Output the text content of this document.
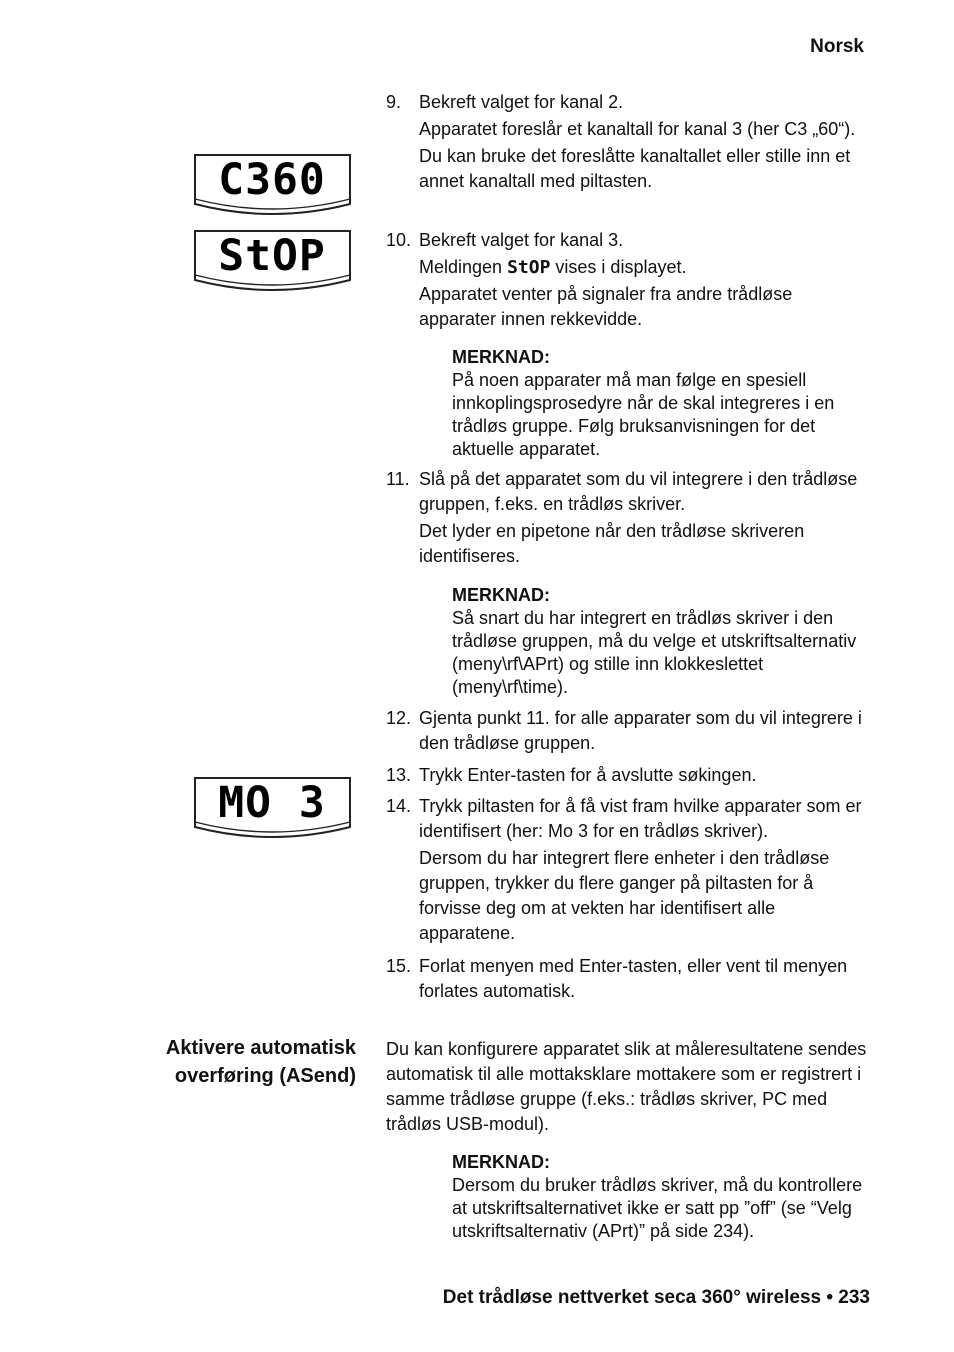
Norsk
C360
StOP
MO 3
9. Bekreft valget for kanal 2.

Apparatet foreslår et kanaltall for kanal 3 (her C3 „60“).

Du kan bruke det foreslåtte kanaltallet eller stille inn et annet kanaltall med piltasten.

10. Bekreft valget for kanal 3.

Meldingen StOP vises i displayet.

Apparatet venter på signaler fra andre trådløse apparater innen rekkevidde.

MERKNAD:
På noen apparater må man følge en spesiell innkoplingsprosedyre når de skal integreres i en trådløs gruppe. Følg bruksanvisningen for det aktuelle apparatet.
11. Slå på det apparatet som du vil integrere i den trådløse gruppen, f.eks. en trådløs skriver.

Det lyder en pipetone når den trådløse skriveren identifiseres.

MERKNAD:
Så snart du har integrert en trådløs skriver i den trådløse gruppen, må du velge et utskriftsalternativ (meny\rf\APrt) og stille inn klokkeslettet (meny\rf\time).
12. Gjenta punkt 11. for alle apparater som du vil integrere i den trådløse gruppen.

13. Trykk Enter-tasten for å avslutte søkingen.

14. Trykk piltasten for å få vist fram hvilke apparater som er identifisert (her: Mo 3 for en trådløs skriver).

Dersom du har integrert flere enheter i den trådløse gruppen, trykker du flere ganger på piltasten for å forvisse deg om at vekten har identifisert alle apparatene.

15. Forlat menyen med Enter-tasten, eller vent til menyen forlates automatisk.

Aktivere automatisk
overføring (ASend)
Du kan konfigurere apparatet slik at måleresultatene sendes automatisk til alle mottaksklare mottakere som er registrert i samme trådløse gruppe (f.eks.: trådløs skriver, PC med trådløs USB-modul).
MERKNAD:
Dersom du bruker trådløs skriver, må du kontrollere at utskriftsalternativet ikke er satt pp ”off” (se “Velg utskriftsalternativ (APrt)” på side 234).
Det trådløse nettverket seca 360° wireless • 233
